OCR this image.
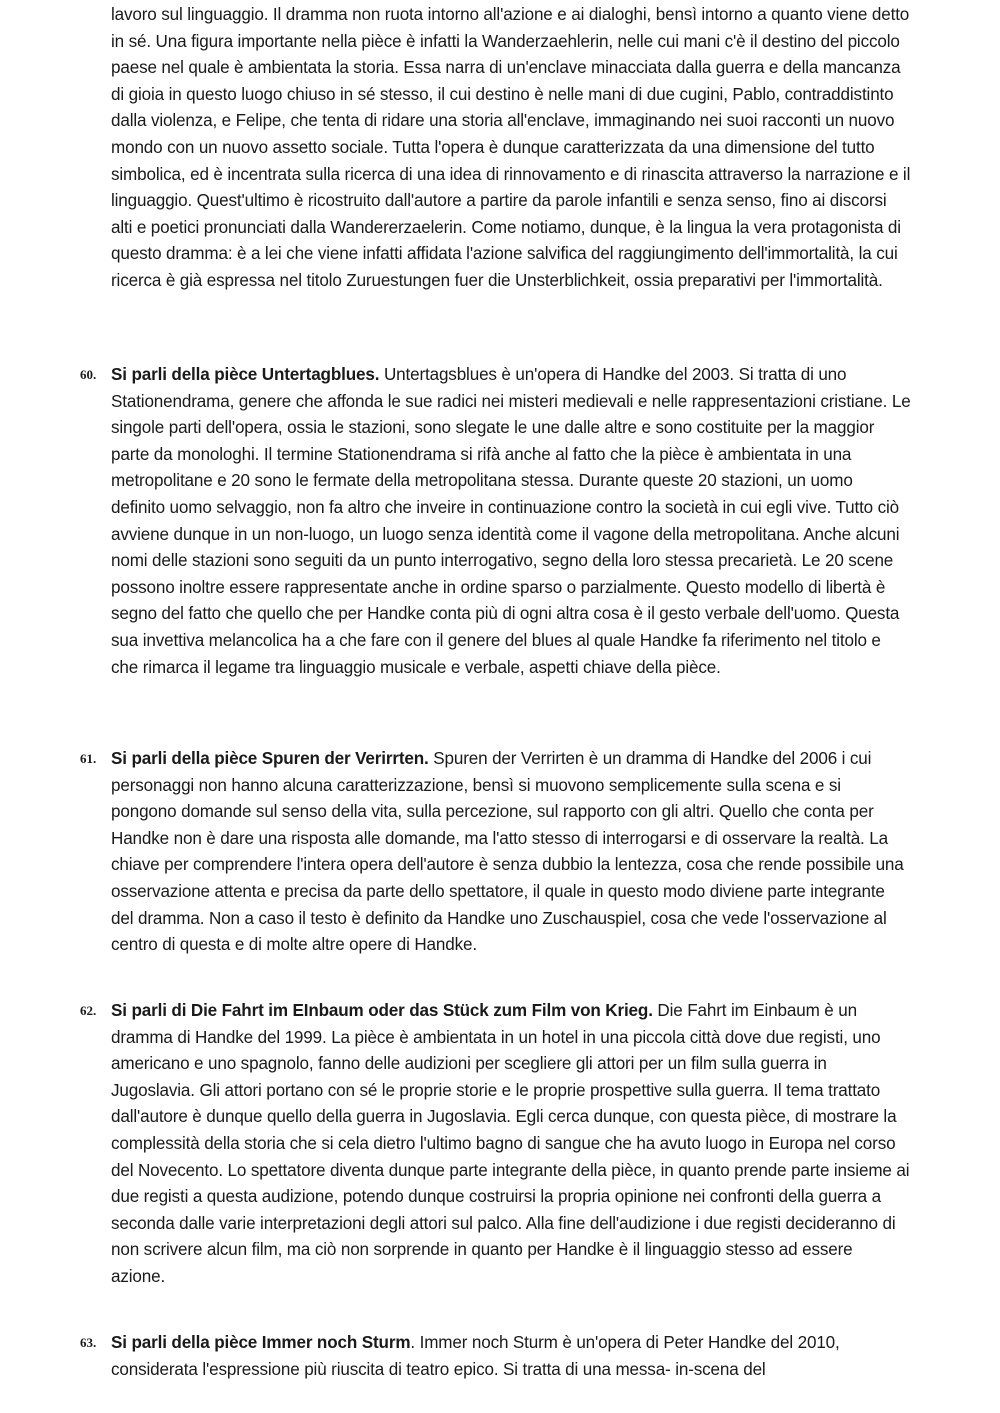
lavoro sul linguaggio. Il dramma non ruota intorno all'azione e ai dialoghi, bensì intorno a quanto viene detto in sé. Una figura importante nella pièce è infatti la Wanderzaehlerin, nelle cui mani c'è il destino del piccolo paese nel quale è ambientata la storia. Essa narra di un'enclave minacciata dalla guerra e della mancanza di gioia in questo luogo chiuso in sé stesso, il cui destino è nelle mani di due cugini, Pablo, contraddistinto dalla violenza, e Felipe, che tenta di ridare una storia all'enclave, immaginando nei suoi racconti un nuovo mondo con un nuovo assetto sociale. Tutta l'opera è dunque caratterizzata da una dimensione del tutto simbolica, ed è incentrata sulla ricerca di una idea di rinnovamento e di rinascita attraverso la narrazione e il linguaggio. Quest'ultimo è ricostruito dall'autore a partire da parole infantili e senza senso, fino ai discorsi alti e poetici pronunciati dalla Wandererzaelerin. Come notiamo, dunque, è la lingua la vera protagonista di questo dramma: è a lei che viene infatti affidata l'azione salvifica del raggiungimento dell'immortalità, la cui ricerca è già espressa nel titolo Zuruestungen fuer die Unsterblichkeit, ossia preparativi per l'immortalità.

60. Si parli della pièce Untertagblues. Untertagsblues è un'opera di Handke del 2003. Si tratta di uno Stationendrama, genere che affonda le sue radici nei misteri medievali e nelle rappresentazioni cristiane. Le singole parti dell'opera, ossia le stazioni, sono slegate le une dalle altre e sono costituite per la maggior parte da monologhi. Il termine Stationendrama si rifà anche al fatto che la pièce è ambientata in una metropolitane e 20 sono le fermate della metropolitana stessa. Durante queste 20 stazioni, un uomo definito uomo selvaggio, non fa altro che inveire in continuazione contro la società in cui egli vive. Tutto ciò avviene dunque in un non-luogo, un luogo senza identità come il vagone della metropolitana. Anche alcuni nomi delle stazioni sono seguiti da un punto interrogativo, segno della loro stessa precarietà. Le 20 scene possono inoltre essere rappresentate anche in ordine sparso o parzialmente. Questo modello di libertà è segno del fatto che quello che per Handke conta più di ogni altra cosa è il gesto verbale dell'uomo. Questa sua invettiva melancolica ha a che fare con il genere del blues al quale Handke fa riferimento nel titolo e che rimarca il legame tra linguaggio musicale e verbale, aspetti chiave della pièce.

61. Si parli della pièce Spuren der Verirrten. Spuren der Verrirten è un dramma di Handke del 2006 i cui personaggi non hanno alcuna caratterizzazione, bensì si muovono semplicemente sulla scena e si pongono domande sul senso della vita, sulla percezione, sul rapporto con gli altri. Quello che conta per Handke non è dare una risposta alle domande, ma l'atto stesso di interrogarsi e di osservare la realtà. La chiave per comprendere l'intera opera dell'autore è senza dubbio la lentezza, cosa che rende possibile una osservazione attenta e precisa da parte dello spettatore, il quale in questo modo diviene parte integrante del dramma. Non a caso il testo è definito da Handke uno Zuschauspiel, cosa che vede l'osservazione al centro di questa e di molte altre opere di Handke.

62. Si parli di Die Fahrt im EInbaum oder das Stück zum Film von Krieg. Die Fahrt im Einbaum è un dramma di Handke del 1999. La pièce è ambientata in un hotel in una piccola città dove due registi, uno americano e uno spagnolo, fanno delle audizioni per scegliere gli attori per un film sulla guerra in Jugoslavia. Gli attori portano con sé le proprie storie e le proprie prospettive sulla guerra. Il tema trattato dall'autore è dunque quello della guerra in Jugoslavia. Egli cerca dunque, con questa pièce, di mostrare la complessità della storia che si cela dietro l'ultimo bagno di sangue che ha avuto luogo in Europa nel corso del Novecento. Lo spettatore diventa dunque parte integrante della pièce, in quanto prende parte insieme ai due registi a questa audizione, potendo dunque costruirsi la propria opinione nei confronti della guerra a seconda dalle varie interpretazioni degli attori sul palco. Alla fine dell'audizione i due registi decideranno di non scrivere alcun film, ma ciò non sorprende in quanto per Handke è il linguaggio stesso ad essere azione.

63. Si parli della pièce Immer noch Sturm. Immer noch Sturm è un'opera di Peter Handke del 2010, considerata l'espressione più riuscita di teatro epico. Si tratta di una messa- in-scena del
